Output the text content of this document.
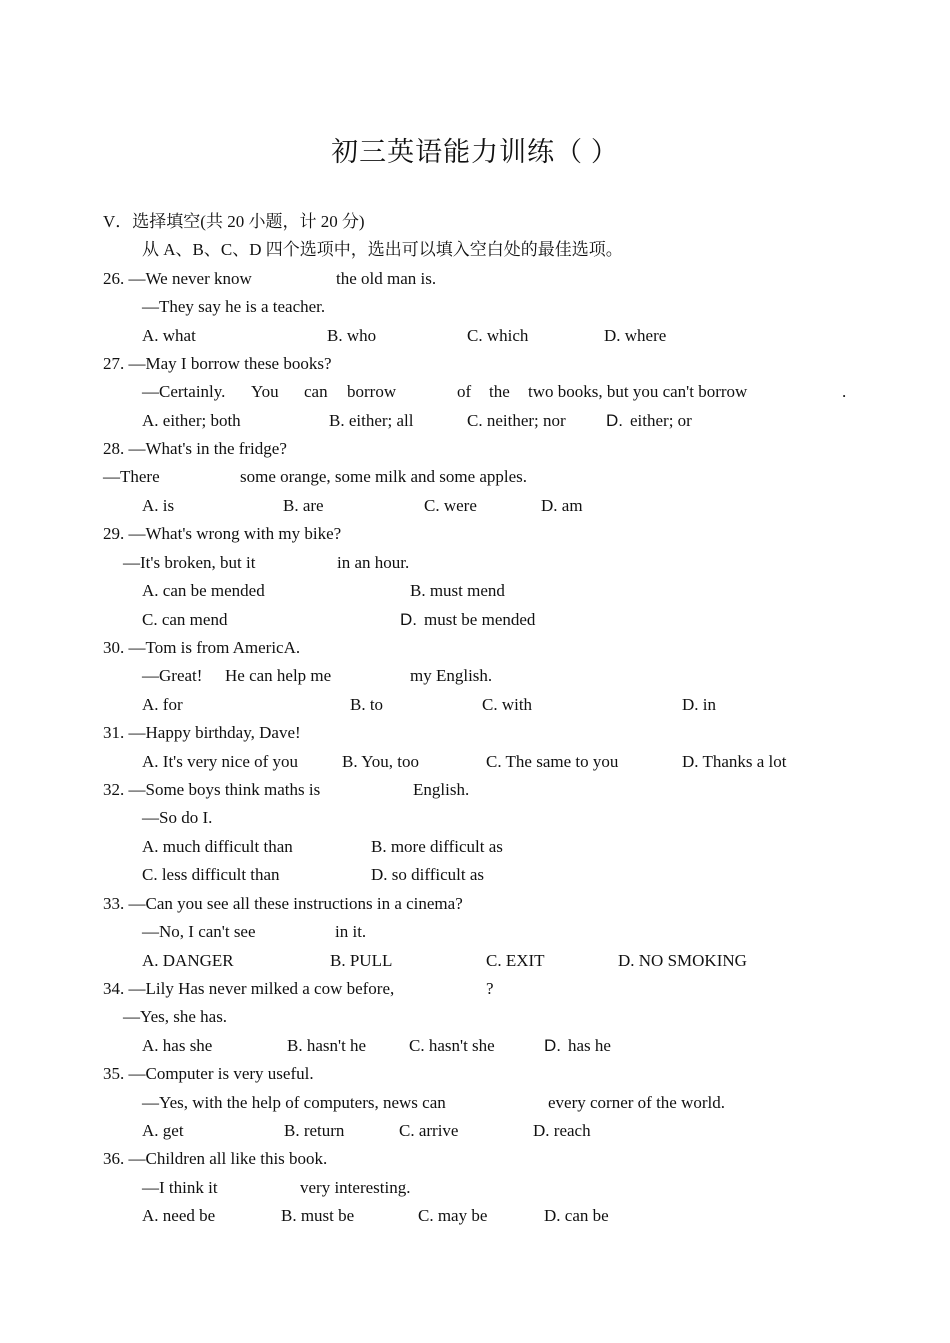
初三英语能力训练（ ）
V．选择填空(共 20 小题，计 20 分)
从 A、B、C、D 四个选项中，选出可以填入空白处的最佳选项。
26. —We never know	the old man is.
—They say he is a teacher.
A. what	B. who	C. which	D. where
27. —May I borrow these books?
—Certainly. You can borrow	of the two books, but you can't borrow	.
A. either; both	B. either; all	C. neither; nor D. either; or
28. —What's in the fridge?
—There	some orange, some milk and some apples.
A. is	B. are	C. were	D. am
29. —What's wrong with my bike?
—It's broken, but it	in an hour.
A. can be mended	B. must mend
C. can mend	D. must be mended
30. —Tom is from AmericA.
—Great! He can help me	my English.
A. for	B. to	C. with	D. in
31. —Happy birthday, Dave!
A. It's very nice of you	B. You, too	C. The same to you	D. Thanks a lot
32. —Some boys think maths is	English.
—So do I.
A. much difficult than	B. more difficult as
C. less difficult than	D. so difficult as
33. —Can you see all these instructions in a cinema?
—No, I can't see	in it.
A. DANGER	B. PULL	C. EXIT	D. NO SMOKING
34. —Lily Has never milked a cow before,	?
—Yes, she has.
A. has she	B. hasn't he	C. hasn't she	D. has he
35. —Computer is very useful.
—Yes, with the help of computers, news can	every corner of the world.
A. get	B. return	C. arrive	D. reach
36. —Children all like this book.
—I think it	very interesting.
A. need be	B. must be	C. may be	D. can be
